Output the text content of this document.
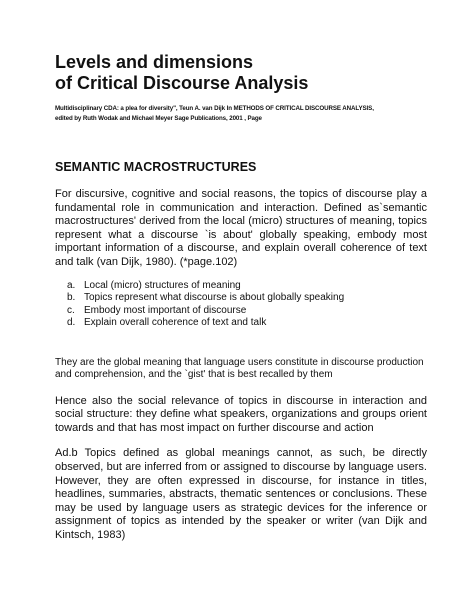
Levels and dimensions
of Critical Discourse Analysis
Multidisciplinary CDA: a plea for diversity", Teun A. van Dijk In METHODS OF CRITICAL DISCOURSE ANALYSIS,
edited by Ruth Wodak and Michael Meyer Sage Publications, 2001 , Page
SEMANTIC MACROSTRUCTURES

For discursive, cognitive and social reasons, the topics of discourse play a fundamental role in communication and interaction. Defined as`semantic macrostructures' derived from the local (micro) structures of meaning, topics represent what a discourse `is about' globally speaking, embody most important information of a discourse, and explain overall coherence of text and talk (van Dijk, 1980). (*page.102)

a. Local (micro) structures of meaning
b. Topics represent what discourse is about globally speaking
c. Embody most important of discourse
d. Explain overall coherence of text and talk

They are the global meaning that language users constitute in discourse production and comprehension, and the `gist' that is best recalled by them

Hence also the social relevance of topics in discourse in interaction and social structure: they define what speakers, organizations and groups orient towards and that has most impact on further discourse and action

Ad.b Topics defined as global meanings cannot, as such, be directly observed, but are inferred from or assigned to discourse by language users. However, they are often expressed in discourse, for instance in titles, headlines, summaries, abstracts, thematic sentences or conclusions. These may be used by language users as strategic devices for the inference or assignment of topics as intended by the speaker or writer (van Dijk and Kintsch, 1983)
